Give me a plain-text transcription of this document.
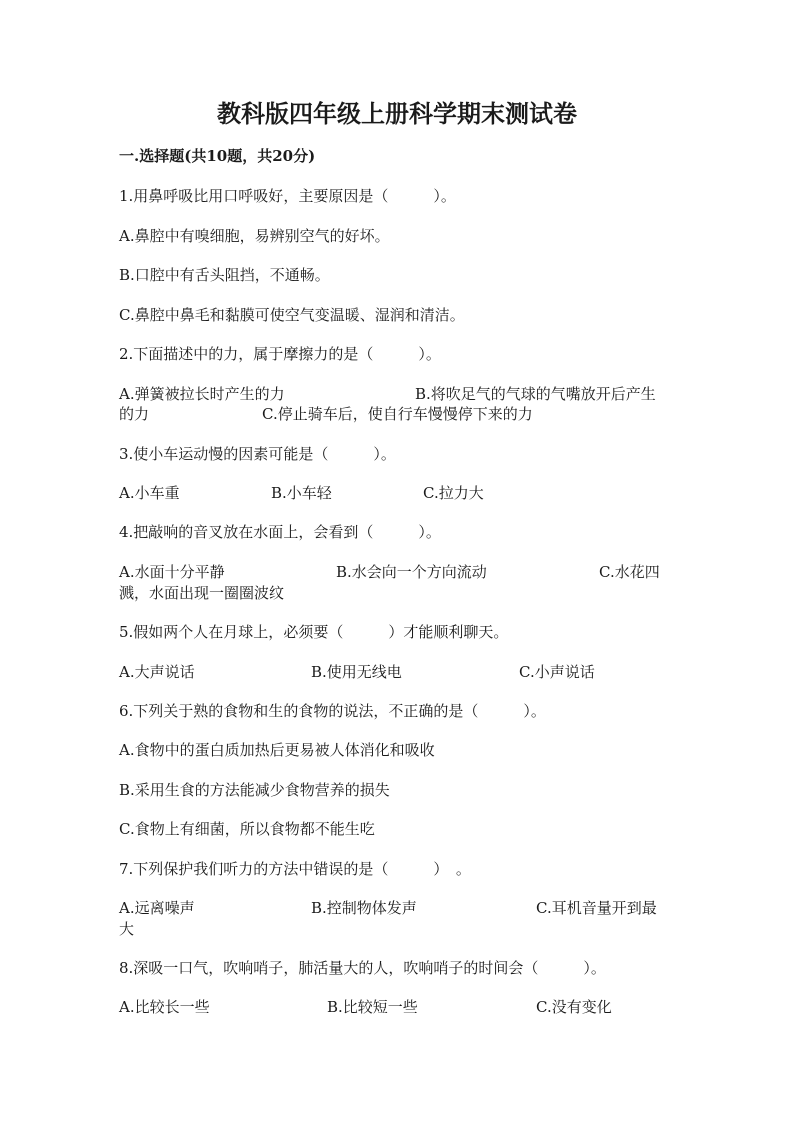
教科版四年级上册科学期末测试卷
一.选择题(共10题，共20分)
1.用鼻呼吸比用口呼吸好，主要原因是（　　　）。
A.鼻腔中有嗅细胞，易辨别空气的好坏。
B.口腔中有舌头阻挡，不通畅。
C.鼻腔中鼻毛和黏膜可使空气变温暖、湿润和清洁。
2.下面描述中的力，属于摩擦力的是（　　　）。
A.弹簧被拉长时产生的力	B.将吹足气的气球的气嘴放开后产生
的力	C.停止骑车后，使自行车慢慢停下来的力
3.使小车运动慢的因素可能是（　　　）。
A.小车重	B.小车轻	C.拉力大
4.把敲响的音叉放在水面上，会看到（　　　）。
A.水面十分平静	B.水会向一个方向流动	C.水花四
溅，水面出现一圈圈波纹
5.假如两个人在月球上，必须要（　　　）才能顺利聊天。
A.大声说话	B.使用无线电	C.小声说话
6.下列关于熟的食物和生的食物的说法，不正确的是（　　　）。
A.食物中的蛋白质加热后更易被人体消化和吸收
B.采用生食的方法能减少食物营养的损失
C.食物上有细菌，所以食物都不能生吃
7.下列保护我们听力的方法中错误的是（　　　）　。
A.远离噪声	B.控制物体发声	C.耳机音量开到最
大
8.深吸一口气，吹响哨子，肺活量大的人，吹响哨子的时间会（　　　）。
A.比较长一些	B.比较短一些	C.没有变化
